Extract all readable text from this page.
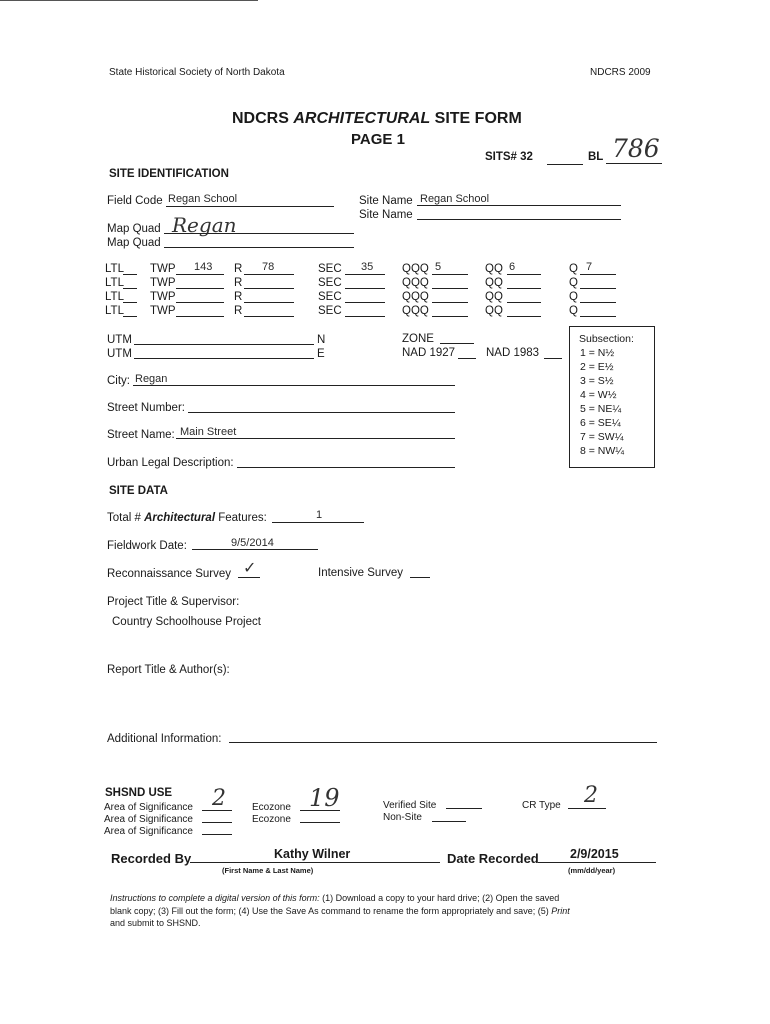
State Historical Society of North Dakota	NDCRS 2009
NDCRS ARCHITECTURAL SITE FORM
PAGE 1
SITS# 32	BL 786
SITE IDENTIFICATION
Field Code Regan School	Site Name Regan School
Site Name
Map Quad Regan
Map Quad
LTL TWP 143 R 78	SEC 35	QQQ 5	QQ 6	Q 7
LTL TWP	R	SEC	QQQ	QQ	Q
LTL TWP	R	SEC	QQQ	QQ	Q
LTL TWP	R	SEC	QQQ	QQ	Q
UTM	N
UTM	E
ZONE
NAD 1927	NAD 1983
Subsection:
1 = N½
2 = E½
3 = S½
4 = W½
5 = NE¼
6 = SE¼
7 = SW¼
8 = NW¼
City: Regan
Street Number:
Street Name: Main Street
Urban Legal Description:
SITE DATA
Total # Architectural Features:	1
Fieldwork Date:	9/5/2014
Reconnaissance Survey ✓	Intensive Survey
Project Title & Supervisor:
Country Schoolhouse Project
Report Title & Author(s):
Additional Information:
SHSND USE
Area of Significance 2
Area of Significance
Area of Significance
Ecozone 19
Ecozone
Verified Site
Non-Site
CR Type 2
Recorded By	Kathy Wilner
(First Name & Last Name)
Date Recorded	2/9/2015
(mm/dd/year)
Instructions to complete a digital version of this form: (1) Download a copy to your hard drive; (2) Open the saved
blank copy; (3) Fill out the form; (4) Use the Save As command to rename the form appropriately and save; (5) Print
and submit to SHSND.
